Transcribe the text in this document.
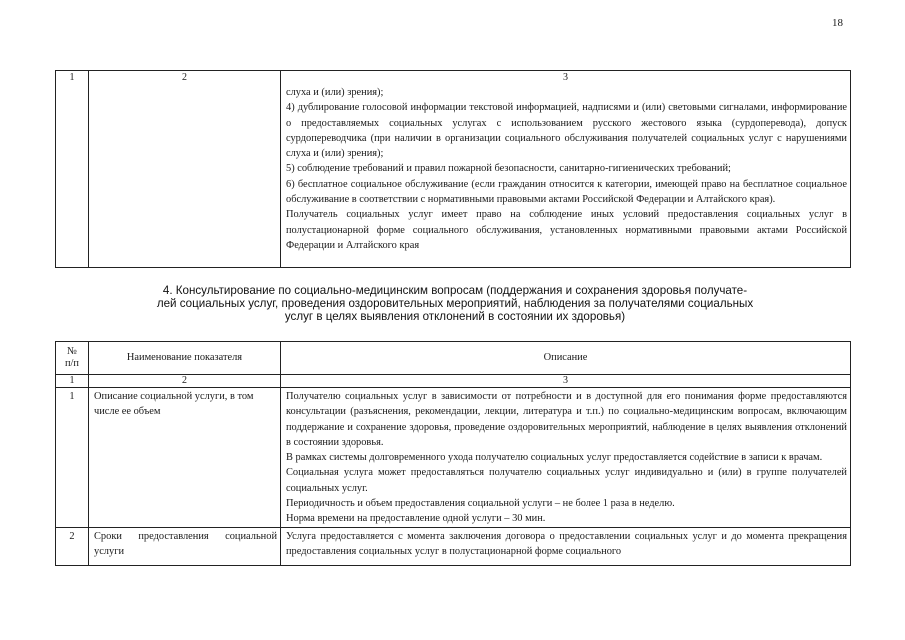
18
1	2	3

слуха и (или) зрения);

4) дублирование голосовой информации текстовой информацией, надписями и (или) световыми сигналами, информирование о предоставляемых социальных услугах с использованием русского жестового языка (сурдоперевода), допуск сурдопереводчика (при наличии в организации социального обслуживания получателей социальных услуг с нарушениями слуха и (или) зрения);

5) соблюдение требований и правил пожарной безопасности, санитарно-гигиенических требований;

6) бесплатное социальное обслуживание (если гражданин относится к категории, имеющей право на бесплатное социальное обслуживание в соответствии с нормативными правовыми актами Российской Федерации и Алтайского края).

Получатель социальных услуг имеет право на соблюдение иных условий предоставления социальных услуг в полустационарной форме социального обслуживания, установленных нормативными правовыми актами Российской Федерации и Алтайского края

4. Консультирование по социально-медицинским вопросам (поддержания и сохранения здоровья получате-
лей социальных услуг, проведения оздоровительных мероприятий, наблюдения за получателями социальных
услуг в целях выявления отклонений в состоянии их здоровья)
№
п/п	Наименование показателя	Описание
1	2	3
1	Описание социальной услуги, в том числе ее объем	Получателю социальных услуг в зависимости от потребности и в доступной для его понимания форме предоставляются консультации (разъяснения, рекомендации, лекции, литература и т.п.) по социально-медицинским вопросам, включающим поддержание и сохранение здоровья, проведение оздоровительных мероприятий, наблюдение в целях выявления отклонений в состоянии здоровья.

В рамках системы долговременного ухода получателю социальных услуг предоставляется содействие в записи к врачам.

Социальная услуга может предоставляться получателю социальных услуг индивидуально и (или) в группе получателей социальных услуг.

Периодичность и объем предоставления социальной услуги – не более 1 раза в неделю.

Норма времени на предоставление одной услуги – 30 мин.

2	Сроки предоставления социальной услуги	Услуга предоставляется с момента заключения договора о предоставлении социальных услуг и до момента прекращения предоставления социальных услуг в полустационарной форме социального
